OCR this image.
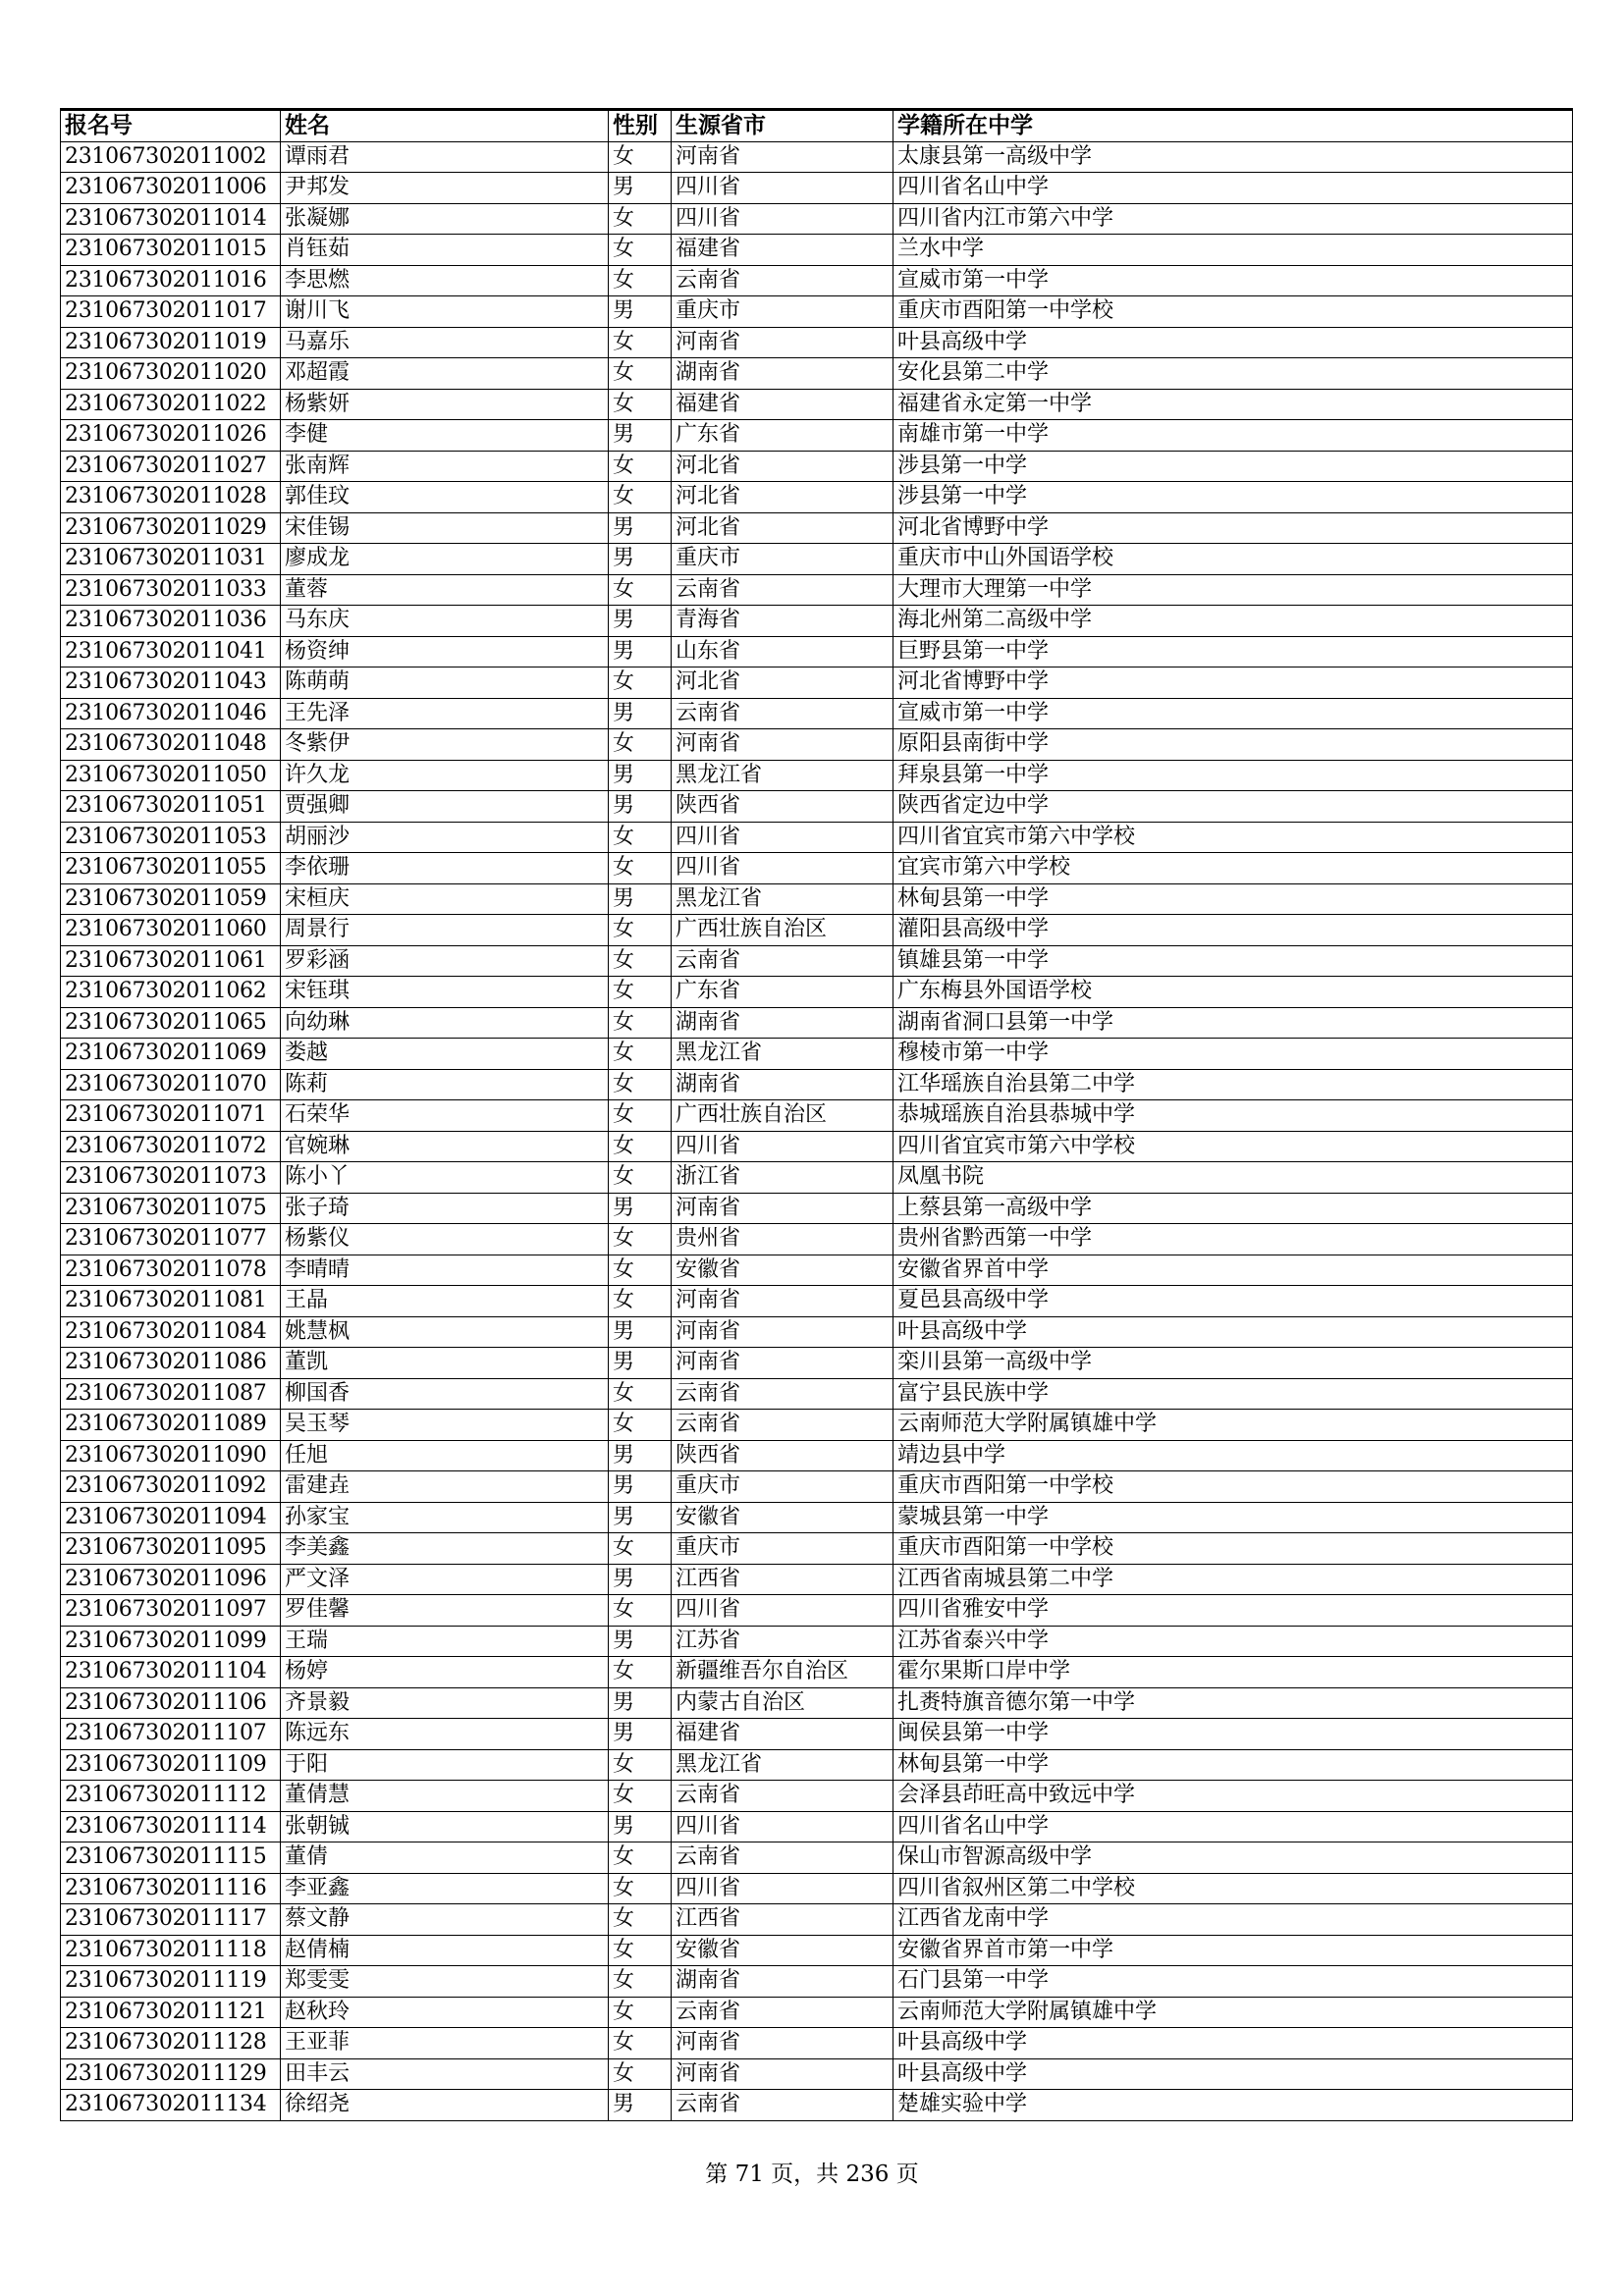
报名号	姓名	性别	生源省市	学籍所在中学
231067302011002	谭雨君	女	河南省	太康县第一高级中学
231067302011006	尹邦发	男	四川省	四川省名山中学
231067302011014	张凝娜	女	四川省	四川省内江市第六中学
231067302011015	肖钰茹	女	福建省	兰水中学
231067302011016	李思燃	女	云南省	宣威市第一中学
231067302011017	谢川飞	男	重庆市	重庆市酉阳第一中学校
231067302011019	马嘉乐	女	河南省	叶县高级中学
231067302011020	邓超霞	女	湖南省	安化县第二中学
231067302011022	杨紫妍	女	福建省	福建省永定第一中学
231067302011026	李健	男	广东省	南雄市第一中学
231067302011027	张南辉	女	河北省	涉县第一中学
231067302011028	郭佳玟	女	河北省	涉县第一中学
231067302011029	宋佳锡	男	河北省	河北省博野中学
231067302011031	廖成龙	男	重庆市	重庆市中山外国语学校
231067302011033	董蓉	女	云南省	大理市大理第一中学
231067302011036	马东庆	男	青海省	海北州第二高级中学
231067302011041	杨资绅	男	山东省	巨野县第一中学
231067302011043	陈萌萌	女	河北省	河北省博野中学
231067302011046	王先泽	男	云南省	宣威市第一中学
231067302011048	冬紫伊	女	河南省	原阳县南街中学
231067302011050	许久龙	男	黑龙江省	拜泉县第一中学
231067302011051	贾强卿	男	陕西省	陕西省定边中学
231067302011053	胡丽沙	女	四川省	四川省宜宾市第六中学校
231067302011055	李依珊	女	四川省	宜宾市第六中学校
231067302011059	宋桓庆	男	黑龙江省	林甸县第一中学
231067302011060	周景行	女	广西壮族自治区	灌阳县高级中学
231067302011061	罗彩涵	女	云南省	镇雄县第一中学
231067302011062	宋钰琪	女	广东省	广东梅县外国语学校
231067302011065	向幼琳	女	湖南省	湖南省洞口县第一中学
231067302011069	娄越	女	黑龙江省	穆棱市第一中学
231067302011070	陈莉	女	湖南省	江华瑶族自治县第二中学
231067302011071	石荣华	女	广西壮族自治区	恭城瑶族自治县恭城中学
231067302011072	官婉琳	女	四川省	四川省宜宾市第六中学校
231067302011073	陈小丫	女	浙江省	凤凰书院
231067302011075	张子琦	男	河南省	上蔡县第一高级中学
231067302011077	杨紫仪	女	贵州省	贵州省黔西第一中学
231067302011078	李晴晴	女	安徽省	安徽省界首中学
231067302011081	王晶	女	河南省	夏邑县高级中学
231067302011084	姚慧枫	男	河南省	叶县高级中学
231067302011086	董凯	男	河南省	栾川县第一高级中学
231067302011087	柳国香	女	云南省	富宁县民族中学
231067302011089	吴玉琴	女	云南省	云南师范大学附属镇雄中学
231067302011090	任旭	男	陕西省	靖边县中学
231067302011092	雷建垚	男	重庆市	重庆市酉阳第一中学校
231067302011094	孙家宝	男	安徽省	蒙城县第一中学
231067302011095	李美鑫	女	重庆市	重庆市酉阳第一中学校
231067302011096	严文泽	男	江西省	江西省南城县第二中学
231067302011097	罗佳馨	女	四川省	四川省雅安中学
231067302011099	王瑞	男	江苏省	江苏省泰兴中学
231067302011104	杨婷	女	新疆维吾尔自治区	霍尔果斯口岸中学
231067302011106	齐景毅	男	内蒙古自治区	扎赉特旗音德尔第一中学
231067302011107	陈远东	男	福建省	闽侯县第一中学
231067302011109	于阳	女	黑龙江省	林甸县第一中学
231067302011112	董倩慧	女	云南省	会泽县茚旺高中致远中学
231067302011114	张朝铖	男	四川省	四川省名山中学
231067302011115	董倩	女	云南省	保山市智源高级中学
231067302011116	李亚鑫	女	四川省	四川省叙州区第二中学校
231067302011117	蔡文静	女	江西省	江西省龙南中学
231067302011118	赵倩楠	女	安徽省	安徽省界首市第一中学
231067302011119	郑雯雯	女	湖南省	石门县第一中学
231067302011121	赵秋玲	女	云南省	云南师范大学附属镇雄中学
231067302011128	王亚菲	女	河南省	叶县高级中学
231067302011129	田丰云	女	河南省	叶县高级中学
231067302011134	徐绍尧	男	云南省	楚雄实验中学
第 71 页，共 236 页
